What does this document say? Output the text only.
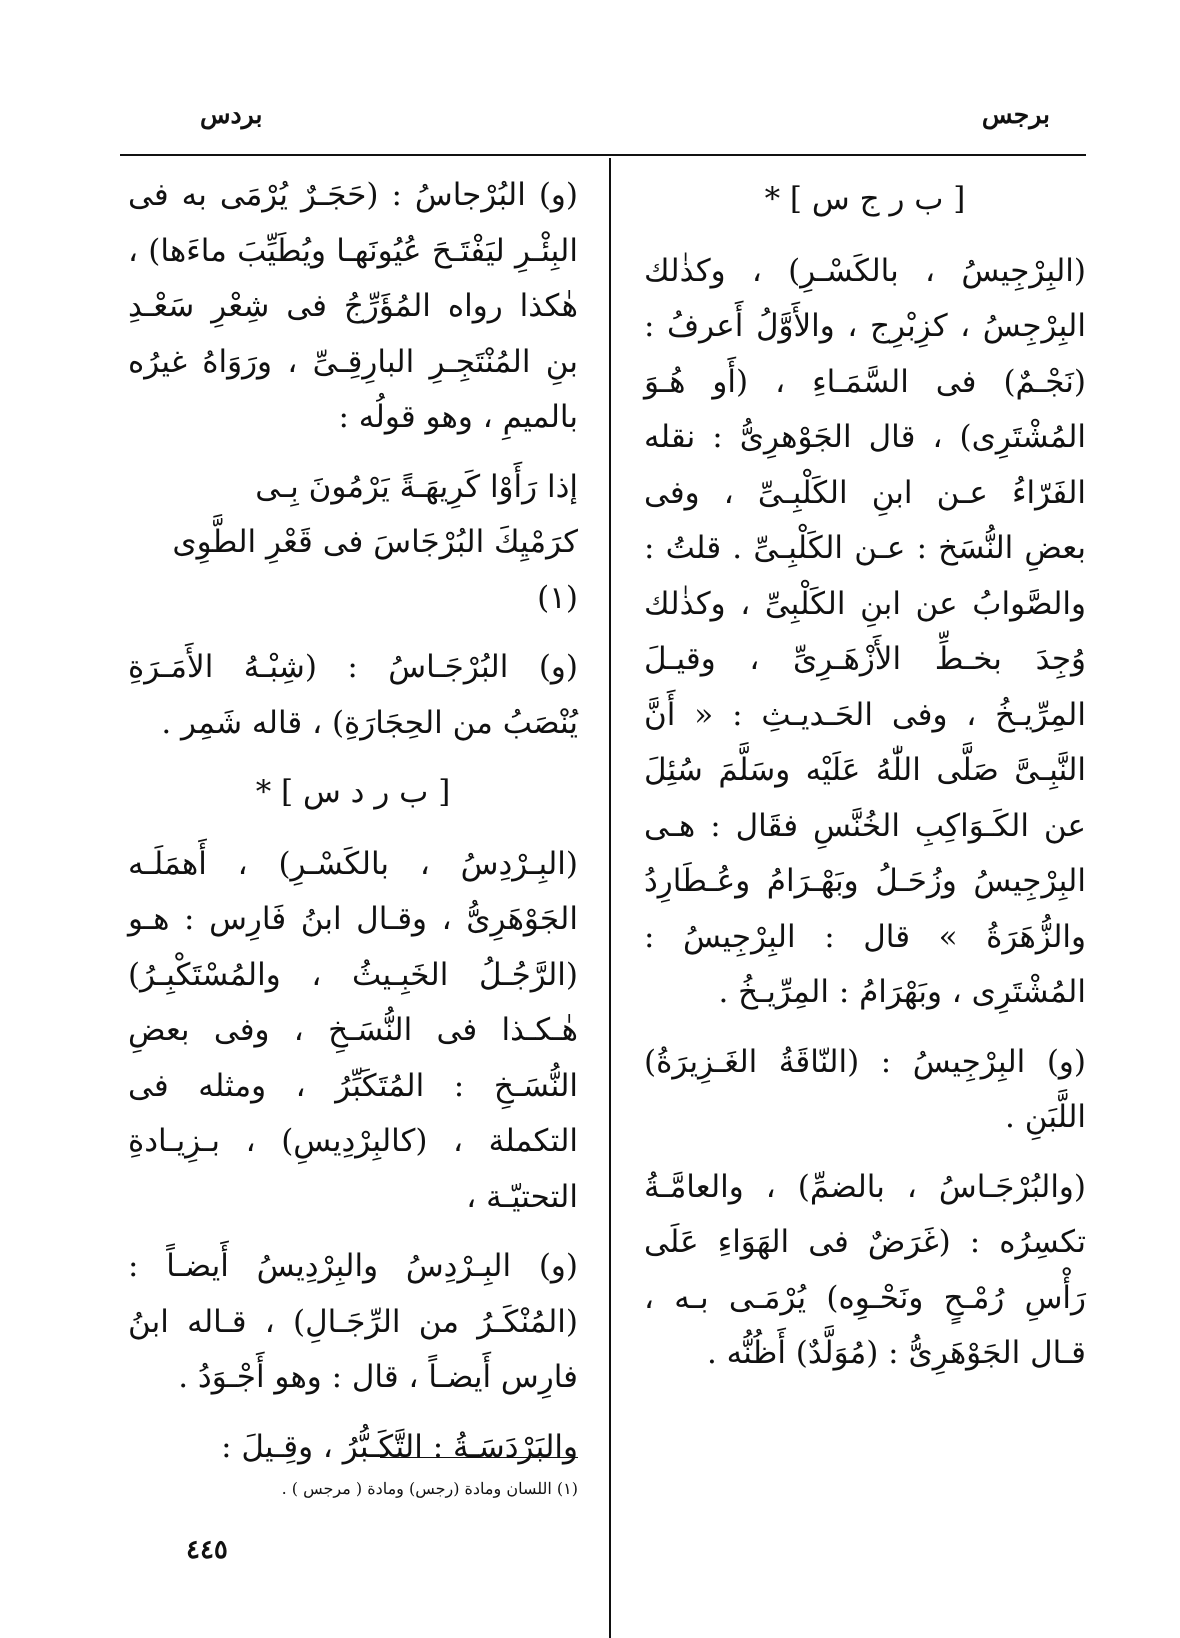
برجس
بردس

[ ب ر ج س ] *

(البِرْجِيسُ ، بالكَسْـرِ) ، وكذٰلك البِرْجِسُ ، كزِبْرِج ، والأَوَّلُ أَعرفُ : (نَجْـمٌ) فى السَّمَـاءِ ، (أَو هُـوَ المُشْتَرِى) ، قال الجَوْهرِىُّ : نقله الفَرّاءُ عـن ابنِ الكَلْبِـىِّ ، وفى بعضِ النُّسَخ : عـن الكَلْبِـىِّ . قلتُ : والصَّوابُ عن ابنِ الكَلْبِىِّ ، وكذٰلك وُجِدَ بخـطِّ الأَزْهَـرِىِّ ، وقيـلَ المِرِّيـخُ ، وفى الحَـديـثِ : « أَنَّ النَّبِـىَّ صَلَّى اللّٰهُ عَلَيْه وسَلَّمَ سُئِلَ عن الكَـوَاكِبِ الخُنَّسِ فقَال : هـى البِرْجِيسُ وزُحَـلُ وبَهْـرَامُ وعُـطَارِدُ والزُّهَرَةُ » قال : البِرْجِيسُ : المُشْتَرِى ، وبَهْرَامُ : المِرِّيـخُ .

(و) البِرْجِيسُ : (النّاقَةُ الغَـزِيرَةُ) اللَّبَنِ .

(والبُرْجَـاسُ ، بالضمِّ) ، والعامَّـةُ تكسِرُه : (غَرَضٌ فى الهَوَاءِ عَلَى رَأْسِ رُمْـحٍ ونَحْـوِه) يُرْمَـى بـه ، قـال الجَوْهَرِىُّ : (مُوَلَّدٌ) أَظُنُّه .

(و) البُرْجاسُ : (حَجَـرٌ يُرْمَى به فى البِئْـرِ ليَفْتَـحَ عُيُونَهـا ويُطَيِّبَ ماءَها) ، هٰكذا رواه المُؤَرِّجُ فى شِعْرِ سَعْـدِ بنِ المُنْتَجِـرِ البارِقِـىِّ ، ورَوَاهُ غيرُه بالميمِ ، وهو قولُه :

إذا رَأَوْا كَرِيهَـةً يَرْمُونَ بِـى
كرَمْيِكَ البُرْجَاسَ فى قَعْرِ الطَّوِى (١)

(و) البُرْجَـاسُ : (شِبْـهُ الأَمَـرَةِ يُنْصَبُ من الحِجَارَةِ) ، قاله شَمِر .

[ ب ر د س ] *

(البِـرْدِسُ ، بالكَسْـرِ) ، أَهمَلَـه الجَوْهَرِىُّ ، وقـال ابنُ فَارِس : هـو (الرَّجُـلُ الخَبِـيثُ ، والمُسْتَكْبِـرُ) هٰـكـذا فى النُّسَـخِ ، وفى بعضِ النُّسَـخِ : المُتَكَبِّرُ ، ومثله فى التكملة ، (كالبِرْدِيسِ) ، بـزِيـادةِ التحتيّـة ،

(و) البِـرْدِسُ والبِرْدِيسُ أَيضـاً : (المُنْكَـرُ من الرِّجَـالِ) ، قـاله ابنُ فارِس أَيضـاً ، قال : وهو أَجْـوَدُ .

والبَرْدَسَـةُ : التَّكَـبُّرُ ، وقِـيلَ :

(١) اللسان ومادة (رجس) ومادة ( مرجس ) .

٤٤٥
